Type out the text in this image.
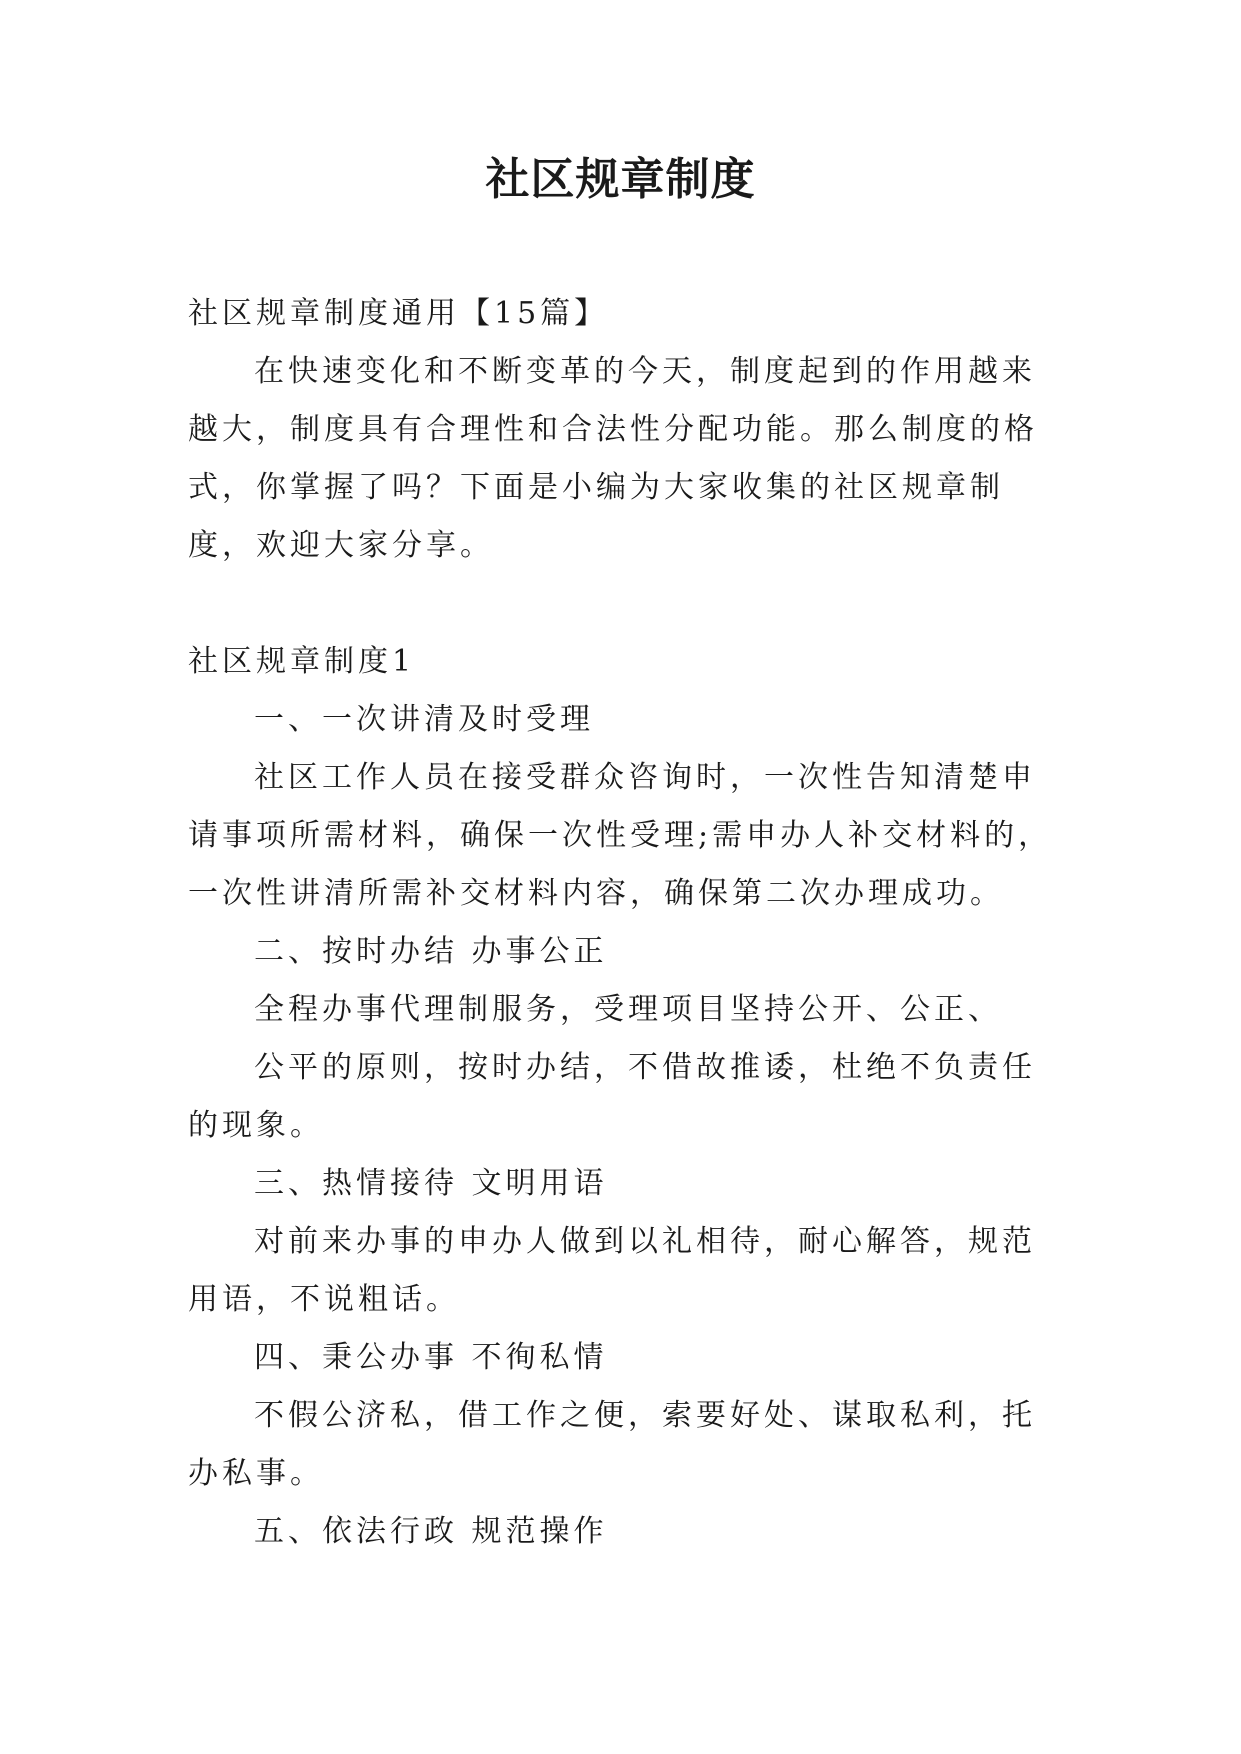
社区规章制度

社区规章制度通用【15篇】

在快速变化和不断变革的今天，制度起到的作用越来越大，制度具有合理性和合法性分配功能。那么制度的格式，你掌握了吗？下面是小编为大家收集的社区规章制度，欢迎大家分享。

社区规章制度1

一、一次讲清及时受理

社区工作人员在接受群众咨询时，一次性告知清楚申请事项所需材料，确保一次性受理;需申办人补交材料的，一次性讲清所需补交材料内容，确保第二次办理成功。

二、按时办结 办事公正

全程办事代理制服务，受理项目坚持公开、公正、

公平的原则，按时办结，不借故推诿，杜绝不负责任的现象。

三、热情接待 文明用语

对前来办事的申办人做到以礼相待，耐心解答，规范用语，不说粗话。

四、秉公办事 不徇私情

不假公济私，借工作之便，索要好处、谋取私利，托办私事。

五、依法行政 规范操作
